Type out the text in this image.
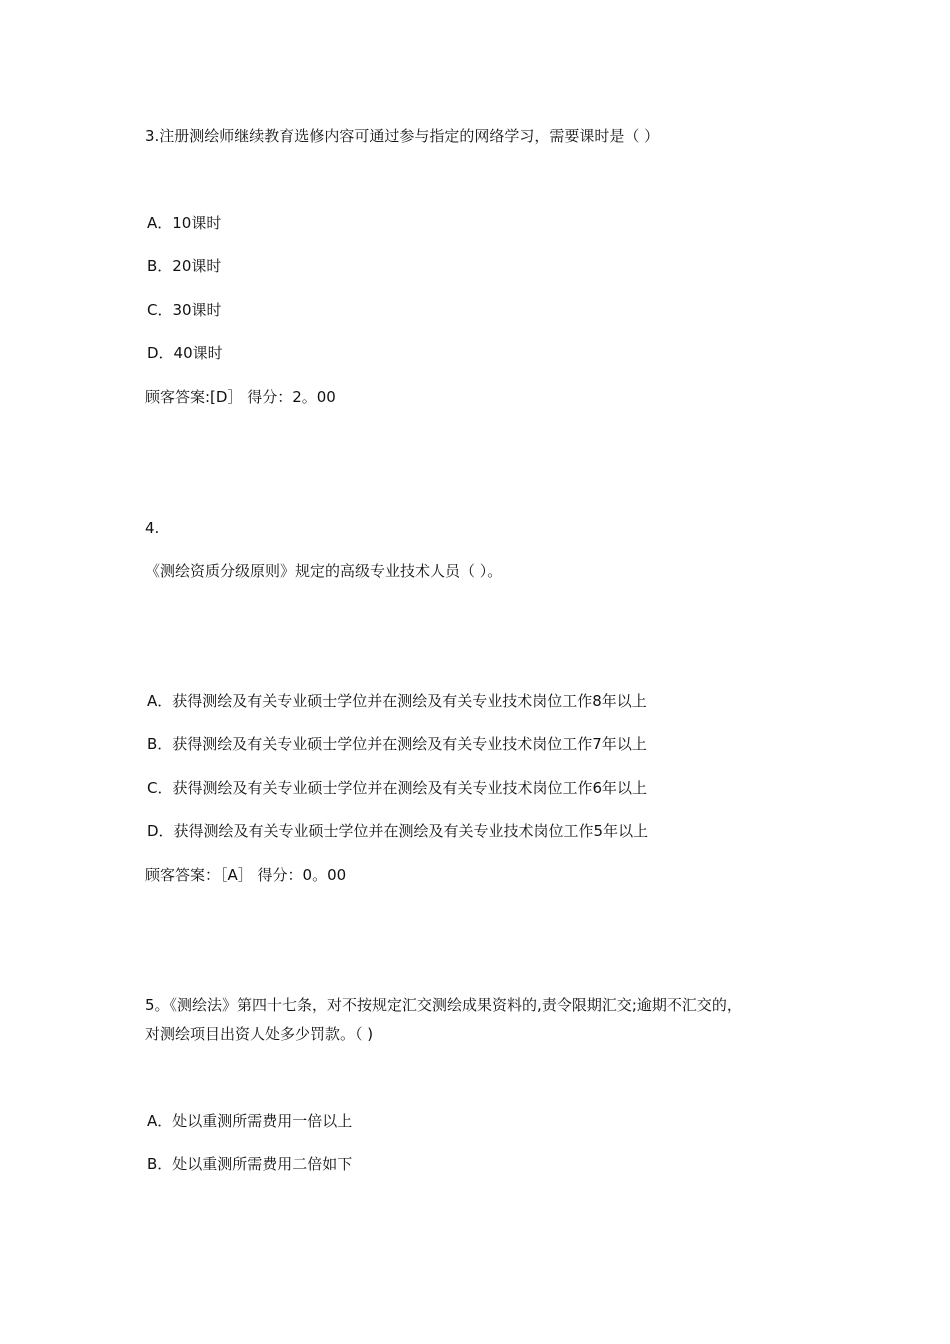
3.注册测绘师继续教育选修内容可通过参与指定的网络学习，需要课时是（ ）
A．10课时
B．20课时
C．30课时
D．40课时
顾客答案:[D］ 得分：2。00
4.
《测绘资质分级原则》规定的高级专业技术人员（ ）。
A．获得测绘及有关专业硕士学位并在测绘及有关专业技术岗位工作8年以上
B．获得测绘及有关专业硕士学位并在测绘及有关专业技术岗位工作7年以上
C．获得测绘及有关专业硕士学位并在测绘及有关专业技术岗位工作6年以上
D．获得测绘及有关专业硕士学位并在测绘及有关专业技术岗位工作5年以上
顾客答案：［A］ 得分：0。00
5。《测绘法》第四十七条，对不按规定汇交测绘成果资料的,责令限期汇交;逾期不汇交的，
对测绘项目出资人处多少罚款。（ )
A．处以重测所需费用一倍以上
B．处以重测所需费用二倍如下
